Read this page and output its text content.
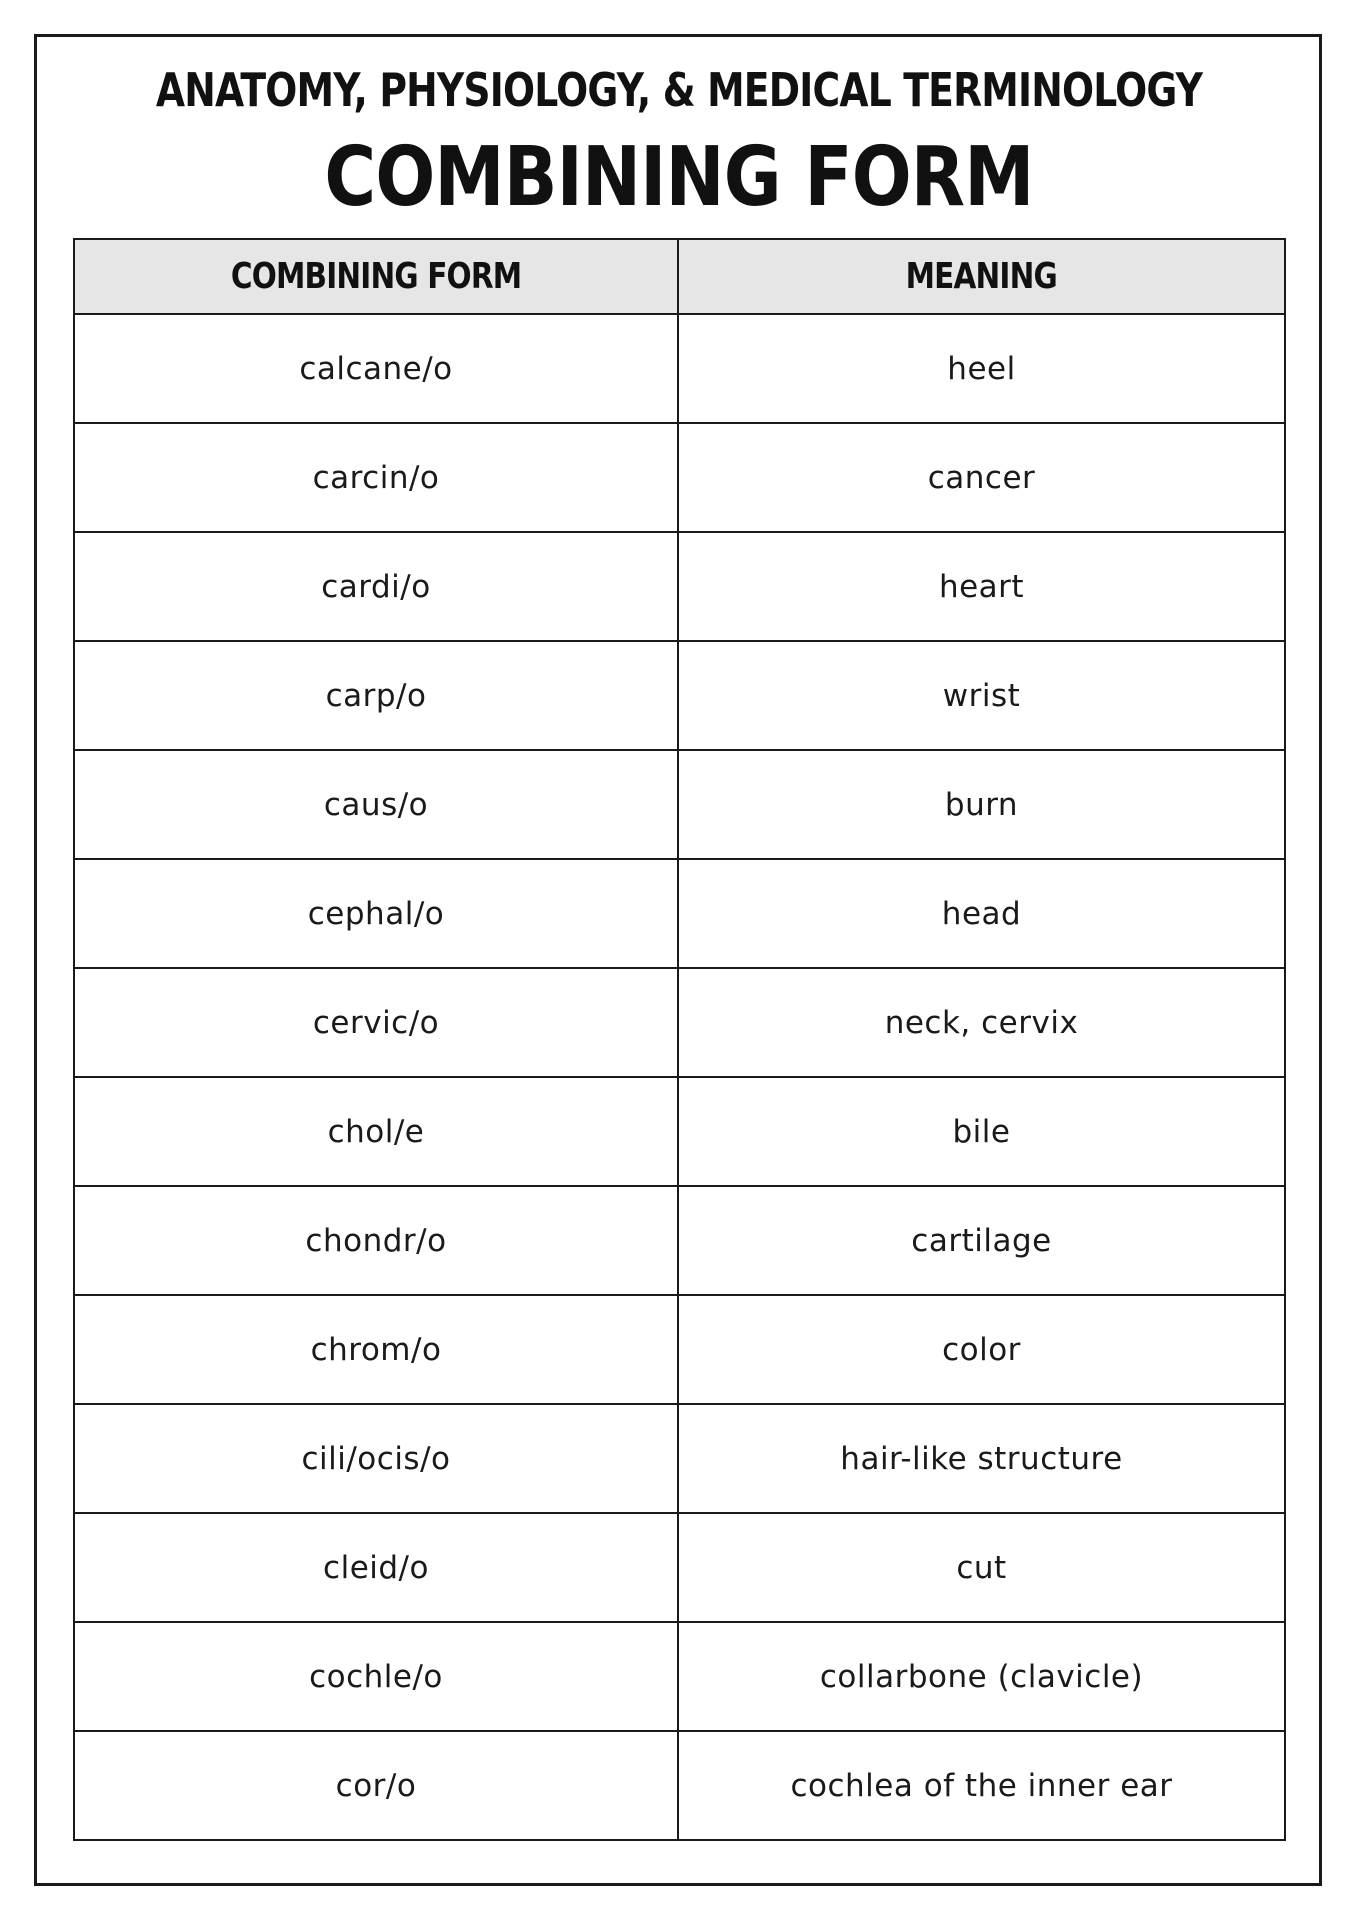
ANATOMY, PHYSIOLOGY, & MEDICAL TERMINOLOGY
COMBINING FORM
COMBINING FORM	MEANING
calcane/o	heel
carcin/o	cancer
cardi/o	heart
carp/o	wrist
caus/o	burn
cephal/o	head
cervic/o	neck, cervix
chol/e	bile
chondr/o	cartilage
chrom/o	color
cili/ocis/o	hair-like structure
cleid/o	cut
cochle/o	collarbone (clavicle)
cor/o	cochlea of the inner ear
